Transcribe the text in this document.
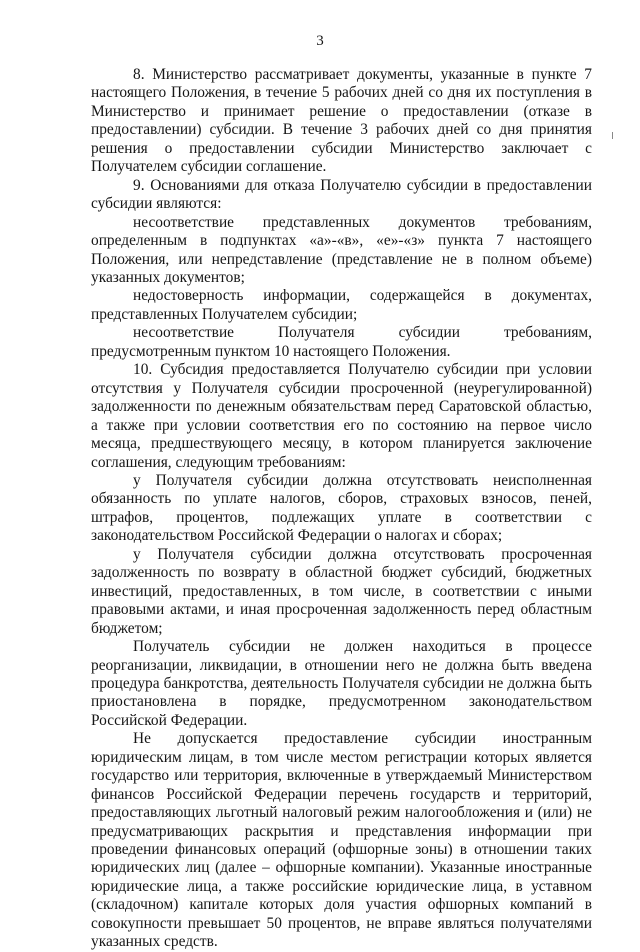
3

8. Министерство рассматривает документы, указанные в пункте 7 настоящего Положения, в течение 5 рабочих дней со дня их поступления в Министерство и принимает решение о предоставлении (отказе в предоставлении) субсидии. В течение 3 рабочих дней со дня принятия решения о предоставлении субсидии Министерство заключает с Получателем субсидии соглашение.

9. Основаниями для отказа Получателю субсидии в предоставлении субсидии являются:

несоответствие представленных документов требованиям, определенным в подпунктах «а»-«в», «е»-«з» пункта 7 настоящего Положения, или непредставление (представление не в полном объеме) указанных документов;

недостоверность информации, содержащейся в документах, представленных Получателем субсидии;

несоответствие Получателя субсидии требованиям, предусмотренным пунктом 10 настоящего Положения.

10. Субсидия предоставляется Получателю субсидии при условии отсутствия у Получателя субсидии просроченной (неурегулированной) задолженности по денежным обязательствам перед Саратовской областью, а также при условии соответствия его по состоянию на первое число месяца, предшествующего месяцу, в котором планируется заключение соглашения, следующим требованиям:

у Получателя субсидии должна отсутствовать неисполненная обязанность по уплате налогов, сборов, страховых взносов, пеней, штрафов, процентов, подлежащих уплате в соответствии с законодательством Российской Федерации о налогах и сборах;

у Получателя субсидии должна отсутствовать просроченная задолженность по возврату в областной бюджет субсидий, бюджетных инвестиций, предоставленных, в том числе, в соответствии с иными правовыми актами, и иная просроченная задолженность перед областным бюджетом;

Получатель субсидии не должен находиться в процессе реорганизации, ликвидации, в отношении него не должна быть введена процедура банкротства, деятельность Получателя субсидии не должна быть приостановлена в порядке, предусмотренном законодательством Российской Федерации.

Не допускается предоставление субсидии иностранным юридическим лицам, в том числе местом регистрации которых является государство или территория, включенные в утверждаемый Министерством финансов Российской Федерации перечень государств и территорий, предоставляющих льготный налоговый режим налогообложения и (или) не предусматривающих раскрытия и представления информации при проведении финансовых операций (офшорные зоны) в отношении таких юридических лиц (далее – офшорные компании). Указанные иностранные юридические лица, а также российские юридические лица, в уставном (складочном) капитале которых доля участия офшорных компаний в совокупности превышает 50 процентов, не вправе являться получателями указанных средств.
